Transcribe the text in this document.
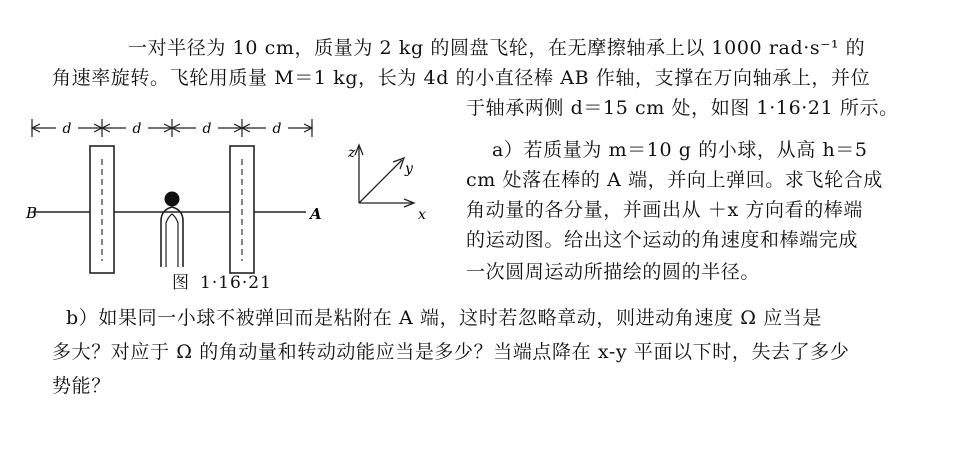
一对半径为 10 cm，质量为 2 kg 的圆盘飞轮，在无摩擦轴承上以 1000 rad·s⁻¹ 的
角速率旋转。飞轮用质量 M＝1 kg，长为 4d 的小直径棒 AB 作轴，支撑在万向轴承上，并位
于轴承两侧 d＝15 cm 处，如图 1·16·21 所示。
a）若质量为 m＝10 g 的小球，从高 h＝5
cm 处落在棒的 A 端，并向上弹回。求飞轮合成
角动量的各分量，并画出从 ＋x 方向看的棒端
的运动图。给出这个运动的角速度和棒端完成
一次圆周运动所描绘的圆的半径。
b）如果同一小球不被弹回而是粘附在 A 端，这时若忽略章动，则进动角速度 Ω 应当是
多大？对应于 Ω 的角动量和转动动能应当是多少？当端点降在 x-y 平面以下时，失去了多少
势能？
d	d	d	d
B	A
z
y
x
图 1·16·21
